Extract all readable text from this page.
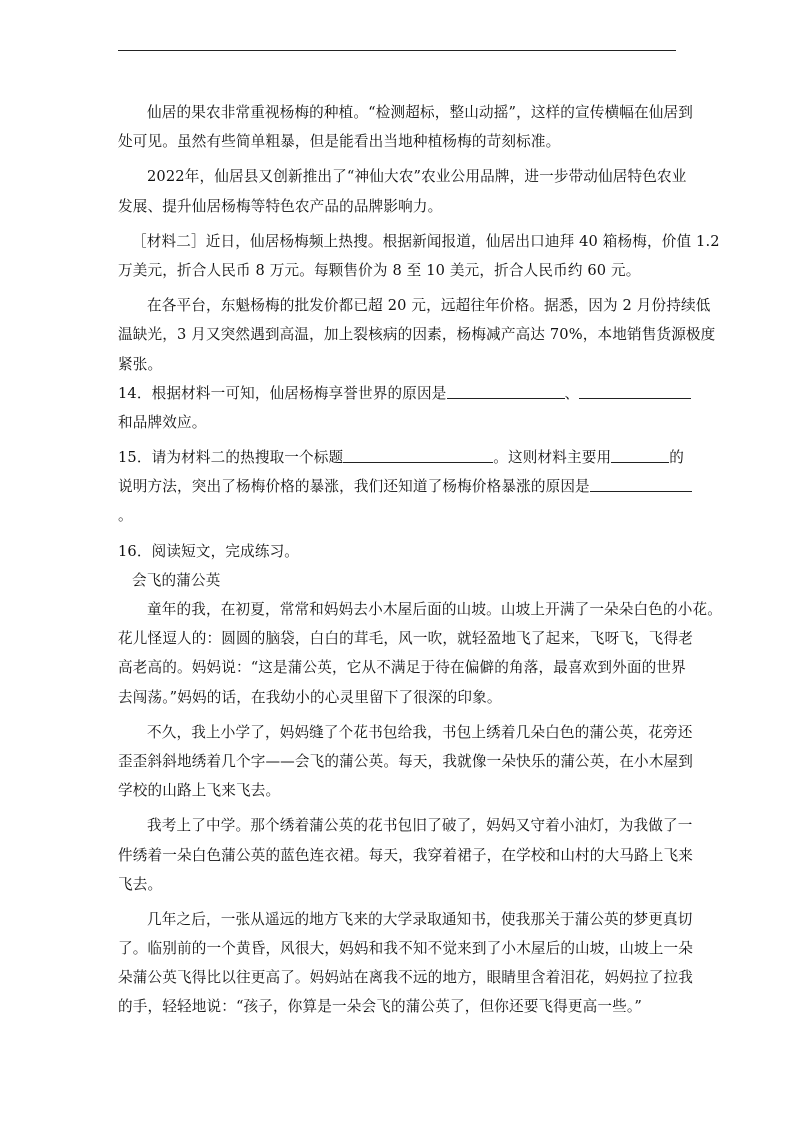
仙居的果农非常重视杨梅的种植。“检测超标，整山动摇”，这样的宣传横幅在仙居到
处可见。虽然有些简单粗暴，但是能看出当地种植杨梅的苛刻标准。
2022年，仙居县又创新推出了“神仙大农”农业公用品牌，进一步带动仙居特色农业
发展、提升仙居杨梅等特色农产品的品牌影响力。
［材料二］近日，仙居杨梅频上热搜。根据新闻报道，仙居出口迪拜 40 箱杨梅，价值 1.2
万美元，折合人民币 8 万元。每颗售价为 8 至 10 美元，折合人民币约 60 元。
在各平台，东魁杨梅的批发价都已超 20 元，远超往年价格。据悉，因为 2 月份持续低
温缺光，3 月又突然遇到高温，加上裂核病的因素，杨梅减产高达 70%，本地销售货源极度
紧张。
14．根据材料一可知，仙居杨梅享誉世界的原因是	、
和品牌效应。
15．请为材料二的热搜取一个标题	。这则材料主要用	的
说明方法，突出了杨梅价格的暴涨，我们还知道了杨梅价格暴涨的原因是
。
16．阅读短文，完成练习。
会飞的蒲公英
童年的我，在初夏，常常和妈妈去小木屋后面的山坡。山坡上开满了一朵朵白色的小花。
花儿怪逗人的：圆圆的脑袋，白白的茸毛，风一吹，就轻盈地飞了起来，飞呀飞，飞得老
高老高的。妈妈说：“这是蒲公英，它从不满足于待在偏僻的角落，最喜欢到外面的世界
去闯荡。”妈妈的话，在我幼小的心灵里留下了很深的印象。
不久，我上小学了，妈妈缝了个花书包给我，书包上绣着几朵白色的蒲公英，花旁还
歪歪斜斜地绣着几个字——会飞的蒲公英。每天，我就像一朵快乐的蒲公英，在小木屋到
学校的山路上飞来飞去。
我考上了中学。那个绣着蒲公英的花书包旧了破了，妈妈又守着小油灯，为我做了一
件绣着一朵白色蒲公英的蓝色连衣裙。每天，我穿着裙子，在学校和山村的大马路上飞来
飞去。
几年之后，一张从遥远的地方飞来的大学录取通知书，使我那关于蒲公英的梦更真切
了。临别前的一个黄昏，风很大，妈妈和我不知不觉来到了小木屋后的山坡，山坡上一朵
朵蒲公英飞得比以往更高了。妈妈站在离我不远的地方，眼睛里含着泪花，妈妈拉了拉我
的手，轻轻地说：“孩子，你算是一朵会飞的蒲公英了，但你还要飞得更高一些。”
